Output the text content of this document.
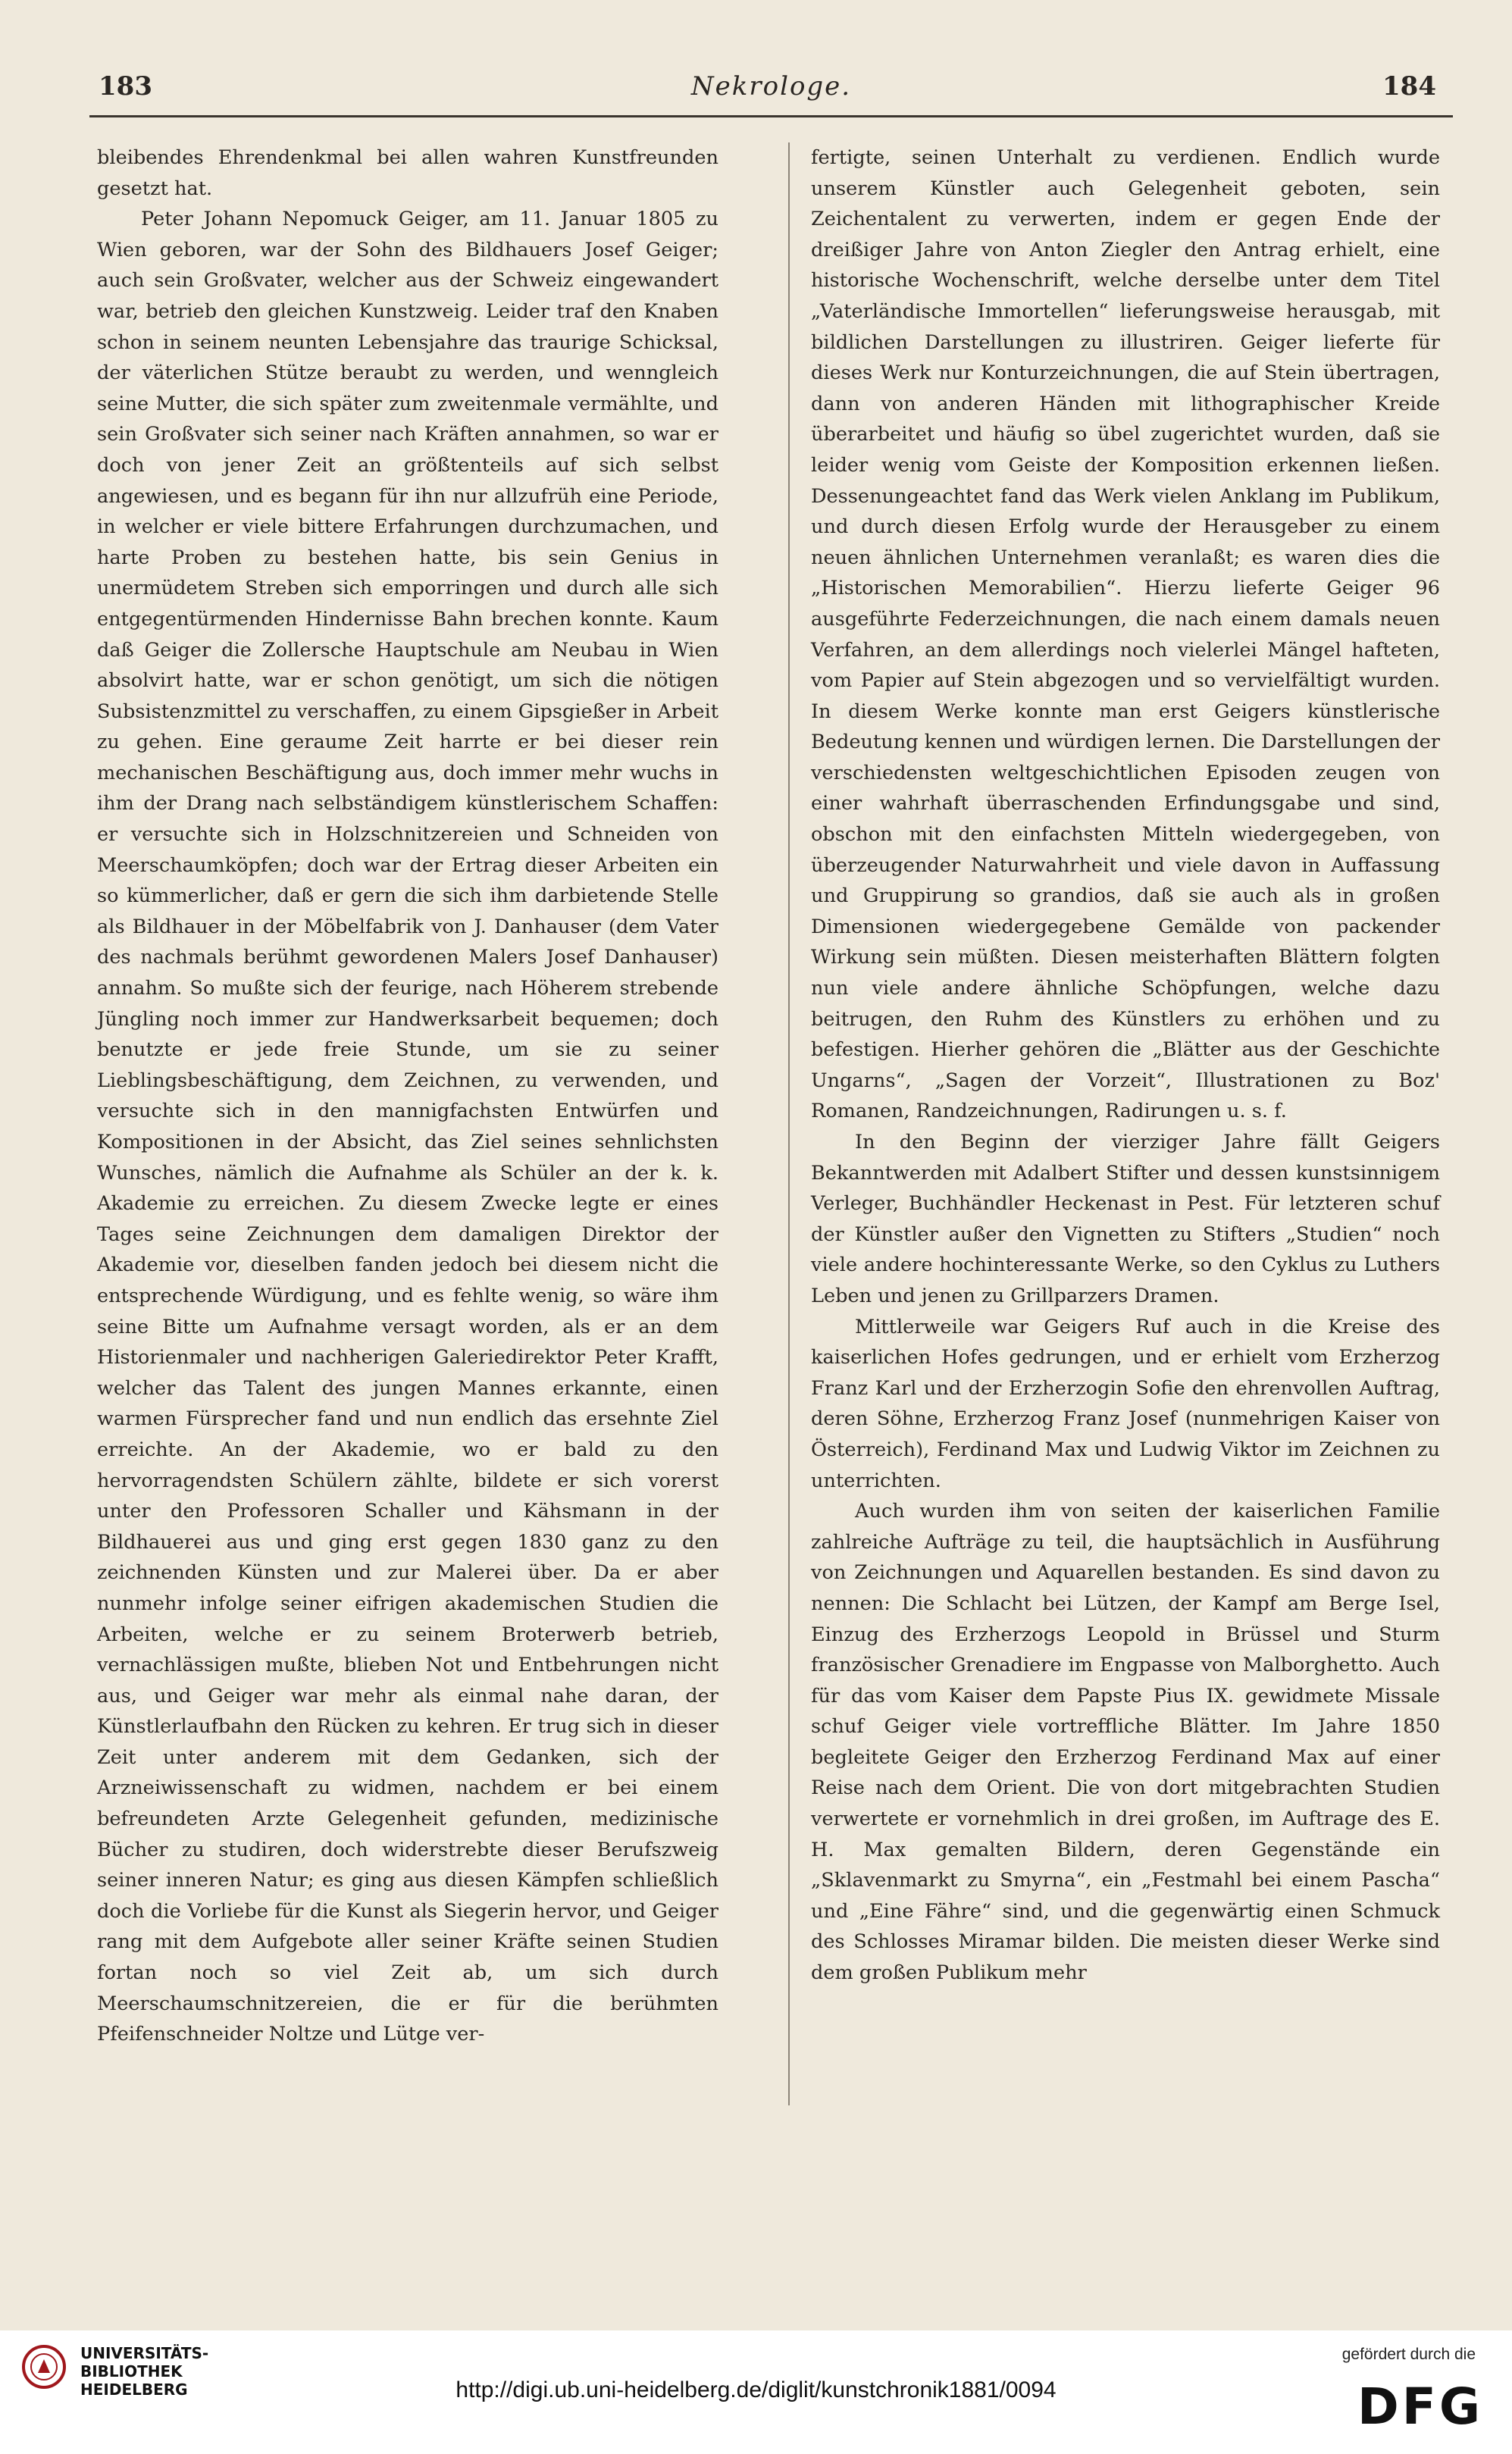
183	Nekrologe.	184

bleibendes Ehrendenkmal bei allen wahren Kunstfreunden gesetzt hat.

Peter Johann Nepomuck Geiger, am 11. Januar 1805 zu Wien geboren, war der Sohn des Bildhauers Josef Geiger; auch sein Großvater, welcher aus der Schweiz eingewandert war, betrieb den gleichen Kunstzweig. Leider traf den Knaben schon in seinem neunten Lebensjahre das traurige Schicksal, der väterlichen Stütze beraubt zu werden, und wenngleich seine Mutter, die sich später zum zweitenmale vermählte, und sein Großvater sich seiner nach Kräften annahmen, so war er doch von jener Zeit an größtenteils auf sich selbst angewiesen, und es begann für ihn nur allzufrüh eine Periode, in welcher er viele bittere Erfahrungen durchzumachen, und harte Proben zu bestehen hatte, bis sein Genius in unermüdetem Streben sich emporringen und durch alle sich entgegentürmenden Hindernisse Bahn brechen konnte. Kaum daß Geiger die Zollersche Hauptschule am Neubau in Wien absolvirt hatte, war er schon genötigt, um sich die nötigen Subsistenzmittel zu verschaffen, zu einem Gipsgießer in Arbeit zu gehen. Eine geraume Zeit harrte er bei dieser rein mechanischen Beschäftigung aus, doch immer mehr wuchs in ihm der Drang nach selbständigem künstlerischem Schaffen: er versuchte sich in Holzschnitzereien und Schneiden von Meerschaumköpfen; doch war der Ertrag dieser Arbeiten ein so kümmerlicher, daß er gern die sich ihm darbietende Stelle als Bildhauer in der Möbelfabrik von J. Danhauser (dem Vater des nachmals berühmt gewordenen Malers Josef Danhauser) annahm. So mußte sich der feurige, nach Höherem strebende Jüngling noch immer zur Handwerksarbeit bequemen; doch benutzte er jede freie Stunde, um sie zu seiner Lieblingsbeschäftigung, dem Zeichnen, zu verwenden, und versuchte sich in den mannigfachsten Entwürfen und Kompositionen in der Absicht, das Ziel seines sehnlichsten Wunsches, nämlich die Aufnahme als Schüler an der k. k. Akademie zu erreichen. Zu diesem Zwecke legte er eines Tages seine Zeichnungen dem damaligen Direktor der Akademie vor, dieselben fanden jedoch bei diesem nicht die entsprechende Würdigung, und es fehlte wenig, so wäre ihm seine Bitte um Aufnahme versagt worden, als er an dem Historienmaler und nachherigen Galeriedirektor Peter Krafft, welcher das Talent des jungen Mannes erkannte, einen warmen Fürsprecher fand und nun endlich das ersehnte Ziel erreichte. An der Akademie, wo er bald zu den hervorragendsten Schülern zählte, bildete er sich vorerst unter den Professoren Schaller und Kähsmann in der Bildhauerei aus und ging erst gegen 1830 ganz zu den zeichnenden Künsten und zur Malerei über. Da er aber nunmehr infolge seiner eifrigen akademischen Studien die Arbeiten, welche er zu seinem Broterwerb betrieb, vernachlässigen mußte, blieben Not und Entbehrungen nicht aus, und Geiger war mehr als einmal nahe daran, der Künstlerlaufbahn den Rücken zu kehren. Er trug sich in dieser Zeit unter anderem mit dem Gedanken, sich der Arzneiwissenschaft zu widmen, nachdem er bei einem befreundeten Arzte Gelegenheit gefunden, medizinische Bücher zu studiren, doch widerstrebte dieser Berufszweig seiner inneren Natur; es ging aus diesen Kämpfen schließlich doch die Vorliebe für die Kunst als Siegerin hervor, und Geiger rang mit dem Aufgebote aller seiner Kräfte seinen Studien fortan noch so viel Zeit ab, um sich durch Meerschaumschnitzereien, die er für die berühmten Pfeifenschneider Noltze und Lütge ver-

fertigte, seinen Unterhalt zu verdienen. Endlich wurde unserem Künstler auch Gelegenheit geboten, sein Zeichentalent zu verwerten, indem er gegen Ende der dreißiger Jahre von Anton Ziegler den Antrag erhielt, eine historische Wochenschrift, welche derselbe unter dem Titel „Vaterländische Immortellen“ lieferungsweise herausgab, mit bildlichen Darstellungen zu illustriren. Geiger lieferte für dieses Werk nur Konturzeichnungen, die auf Stein übertragen, dann von anderen Händen mit lithographischer Kreide überarbeitet und häufig so übel zugerichtet wurden, daß sie leider wenig vom Geiste der Komposition erkennen ließen. Dessenungeachtet fand das Werk vielen Anklang im Publikum, und durch diesen Erfolg wurde der Herausgeber zu einem neuen ähnlichen Unternehmen veranlaßt; es waren dies die „Historischen Memorabilien“. Hierzu lieferte Geiger 96 ausgeführte Federzeichnungen, die nach einem damals neuen Verfahren, an dem allerdings noch vielerlei Mängel hafteten, vom Papier auf Stein abgezogen und so vervielfältigt wurden. In diesem Werke konnte man erst Geigers künstlerische Bedeutung kennen und würdigen lernen. Die Darstellungen der verschiedensten weltgeschichtlichen Episoden zeugen von einer wahrhaft überraschenden Erfindungsgabe und sind, obschon mit den einfachsten Mitteln wiedergegeben, von überzeugender Naturwahrheit und viele davon in Auffassung und Gruppirung so grandios, daß sie auch als in großen Dimensionen wiedergegebene Gemälde von packender Wirkung sein müßten. Diesen meisterhaften Blättern folgten nun viele andere ähnliche Schöpfungen, welche dazu beitrugen, den Ruhm des Künstlers zu erhöhen und zu befestigen. Hierher gehören die „Blätter aus der Geschichte Ungarns“, „Sagen der Vorzeit“, Illustrationen zu Boz' Romanen, Randzeichnungen, Radirungen u. s. f.

In den Beginn der vierziger Jahre fällt Geigers Bekanntwerden mit Adalbert Stifter und dessen kunstsinnigem Verleger, Buchhändler Heckenast in Pest. Für letzteren schuf der Künstler außer den Vignetten zu Stifters „Studien“ noch viele andere hochinteressante Werke, so den Cyklus zu Luthers Leben und jenen zu Grillparzers Dramen.

Mittlerweile war Geigers Ruf auch in die Kreise des kaiserlichen Hofes gedrungen, und er erhielt vom Erzherzog Franz Karl und der Erzherzogin Sofie den ehrenvollen Auftrag, deren Söhne, Erzherzog Franz Josef (nunmehrigen Kaiser von Österreich), Ferdinand Max und Ludwig Viktor im Zeichnen zu unterrichten.

Auch wurden ihm von seiten der kaiserlichen Familie zahlreiche Aufträge zu teil, die hauptsächlich in Ausführung von Zeichnungen und Aquarellen bestanden. Es sind davon zu nennen: Die Schlacht bei Lützen, der Kampf am Berge Isel, Einzug des Erzherzogs Leopold in Brüssel und Sturm französischer Grenadiere im Engpasse von Malborghetto. Auch für das vom Kaiser dem Papste Pius IX. gewidmete Missale schuf Geiger viele vortreffliche Blätter. Im Jahre 1850 begleitete Geiger den Erzherzog Ferdinand Max auf einer Reise nach dem Orient. Die von dort mitgebrachten Studien verwertete er vornehmlich in drei großen, im Auftrage des E. H. Max gemalten Bildern, deren Gegenstände ein „Sklavenmarkt zu Smyrna“, ein „Festmahl bei einem Pascha“ und „Eine Fähre“ sind, und die gegenwärtig einen Schmuck des Schlosses Miramar bilden. Die meisten dieser Werke sind dem großen Publikum mehr

UNIVERSITÄTS-
BIBLIOTHEK
HEIDELBERG	http://digi.ub.uni-heidelberg.de/diglit/kunstchronik1881/0094
gefördert durch die
DFG
